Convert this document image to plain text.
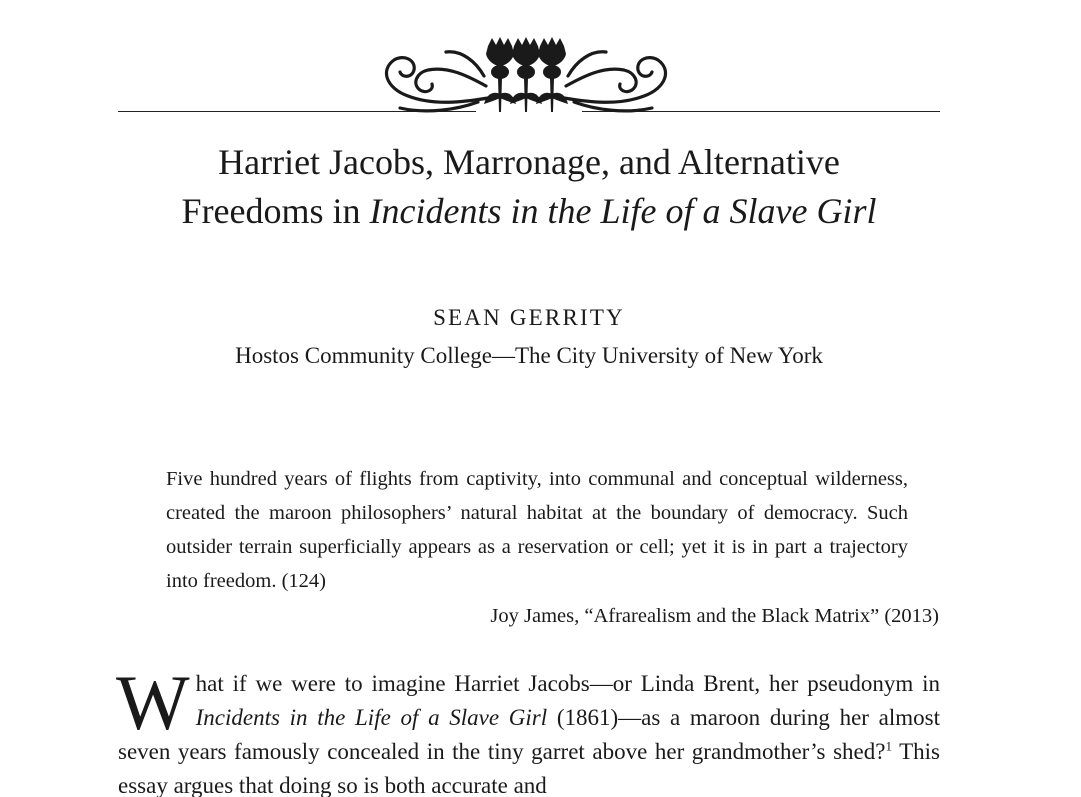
Harriet Jacobs, Marronage, and Alternative
Freedoms in Incidents in the Life of a Slave Girl
SEAN GERRITY
Hostos Community College—The City University of New York

Five hundred years of flights from captivity, into communal and conceptual wilderness, created the maroon philosophers’ natural habitat at the boundary of democracy. Such outsider terrain superficially appears as a reservation or cell; yet it is in part a trajectory into freedom. (124)

Joy James, “Afrarealism and the Black Matrix” (2013)

What if we were to imagine Harriet Jacobs—or Linda Brent, her pseudonym in Incidents in the Life of a Slave Girl (1861)—as a maroon during her almost seven years famously concealed in the tiny garret above her grandmother’s shed?$^1$ This essay argues that doing so is both accurate and
